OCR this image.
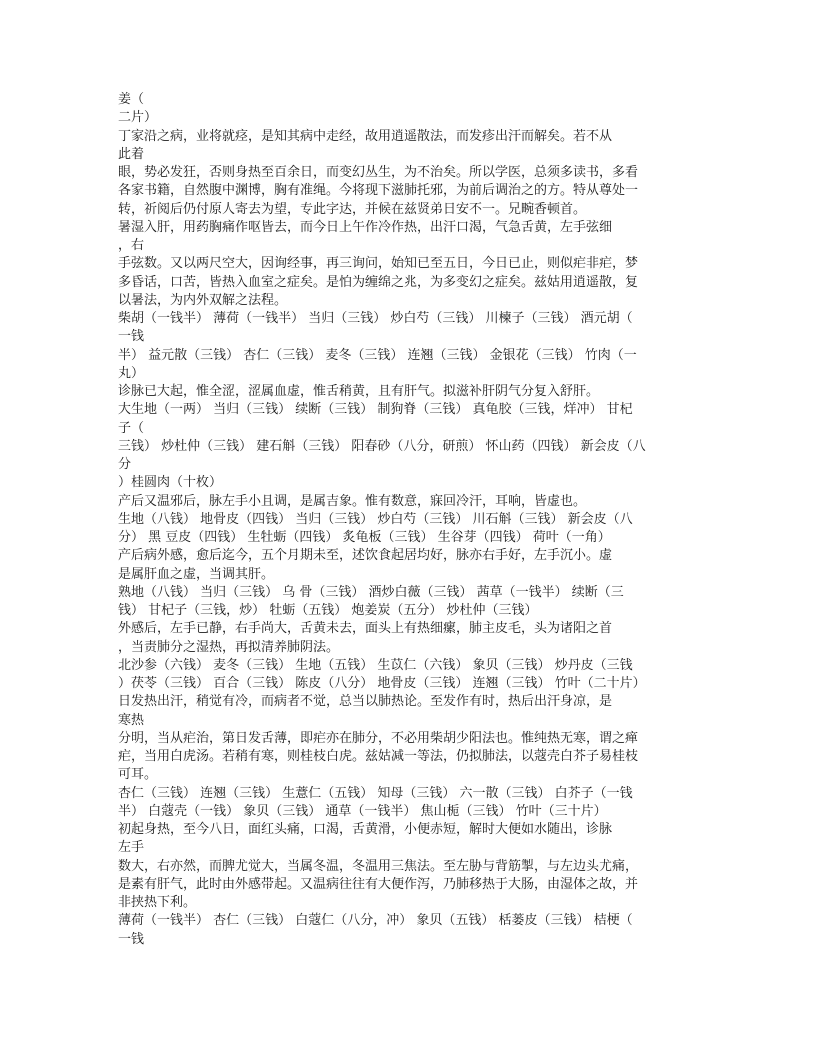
姜（
二片）
丁家沿之病，业将就痉，是知其病中走经，故用逍遥散法，而发疹出汗而解矣。若不从
此着
眼，势必发狂，否则身热至百余日，而变幻丛生，为不治矣。所以学医，总须多读书，多看
各家书籍，自然腹中渊博，胸有准绳。今将现下滋肺托邪，为前后调治之的方。特从尊处一
转，祈阅后仍付原人寄去为望，专此字达，并候在兹贤弟日安不一。兄畹香顿首。
暑湿入肝，用药胸痛作呕皆去，而今日上午作冷作热，出汗口渴，气急舌黄，左手弦细
，右
手弦数。又以两尺空大，因询经事，再三询问，始知已至五日，今日已止，则似疟非疟，梦
多昏话，口苦，皆热入血室之症矣。是怕为缠绵之兆，为多变幻之症矣。兹姑用逍遥散，复
以暑法，为内外双解之法程。
柴胡（一钱半） 薄荷（一钱半） 当归（三钱） 炒白芍（三钱） 川楝子（三钱） 酒元胡（
一钱
半） 益元散（三钱） 杏仁（三钱） 麦冬（三钱） 连翘（三钱） 金银花（三钱） 竹肉（一
丸）
诊脉已大起，惟全涩，涩属血虚，惟舌稍黄，且有肝气。拟滋补肝阴气分复入舒肝。
大生地（一两） 当归（三钱） 续断（三钱） 制狗脊（三钱） 真龟胶（三钱，烊冲） 甘杞
子（
三钱） 炒杜仲（三钱） 建石斛（三钱） 阳春砂（八分，研煎） 怀山药（四钱） 新会皮（八
分
）桂圆肉（十枚）
产后又温邪后，脉左手小且调，是属吉象。惟有数意，寐回冷汗，耳响，皆虚也。
生地（八钱） 地骨皮（四钱） 当归（三钱） 炒白芍（三钱） 川石斛（三钱） 新会皮（八
分） 黑 豆皮（四钱） 生牡蛎（四钱） 炙龟板（三钱） 生谷芽（四钱） 荷叶（一角）
产后病外感，愈后迄今，五个月期未至，述饮食起居均好，脉亦右手好，左手沉小。虚
是属肝血之虚，当调其肝。
熟地（八钱） 当归（三钱） 乌 骨（三钱） 酒炒白薇（三钱） 茜草（一钱半） 续断（三
钱） 甘杞子（三钱，炒） 牡蛎（五钱） 炮姜炭（五分） 炒杜仲（三钱）
外感后，左手已静，右手尚大，舌黄未去，面头上有热细瘰，肺主皮毛，头为诸阳之首
，当责肺分之湿热，再拟清养肺阴法。
北沙参（六钱） 麦冬（三钱） 生地（五钱） 生苡仁（六钱） 象贝（三钱） 炒丹皮（三钱
）茯苓（三钱） 百合（三钱） 陈皮（八分） 地骨皮（三钱） 连翘（三钱） 竹叶（二十片）
日发热出汗，稍觉有冷，而病者不觉，总当以肺热论。至发作有时，热后出汗身凉，是
寒热
分明，当从疟治，第日发舌薄，即疟亦在肺分，不必用柴胡少阳法也。惟纯热无寒，谓之瘅
疟，当用白虎汤。若稍有寒，则桂枝白虎。兹姑减一等法，仍拟肺法，以蔻壳白芥子易桂枝
可耳。
杏仁（三钱） 连翘（三钱） 生薏仁（五钱） 知母（三钱） 六一散（三钱） 白芥子（一钱
半） 白蔻壳（一钱） 象贝（三钱） 通草（一钱半） 焦山栀（三钱） 竹叶（三十片）
初起身热，至今八日，面红头痛，口渴，舌黄滑，小便赤短，解时大便如水随出，诊脉
左手
数大，右亦然，而脾尤觉大，当属冬温，冬温用三焦法。至左胁与背筋掣，与左边头尤痛，
是素有肝气，此时由外感带起。又温病往往有大便作泻，乃肺移热于大肠，由湿体之故，并
非挟热下利。
薄荷（一钱半） 杏仁（三钱） 白蔻仁（八分，冲） 象贝（五钱） 栝蒌皮（三钱） 桔梗（
一钱
